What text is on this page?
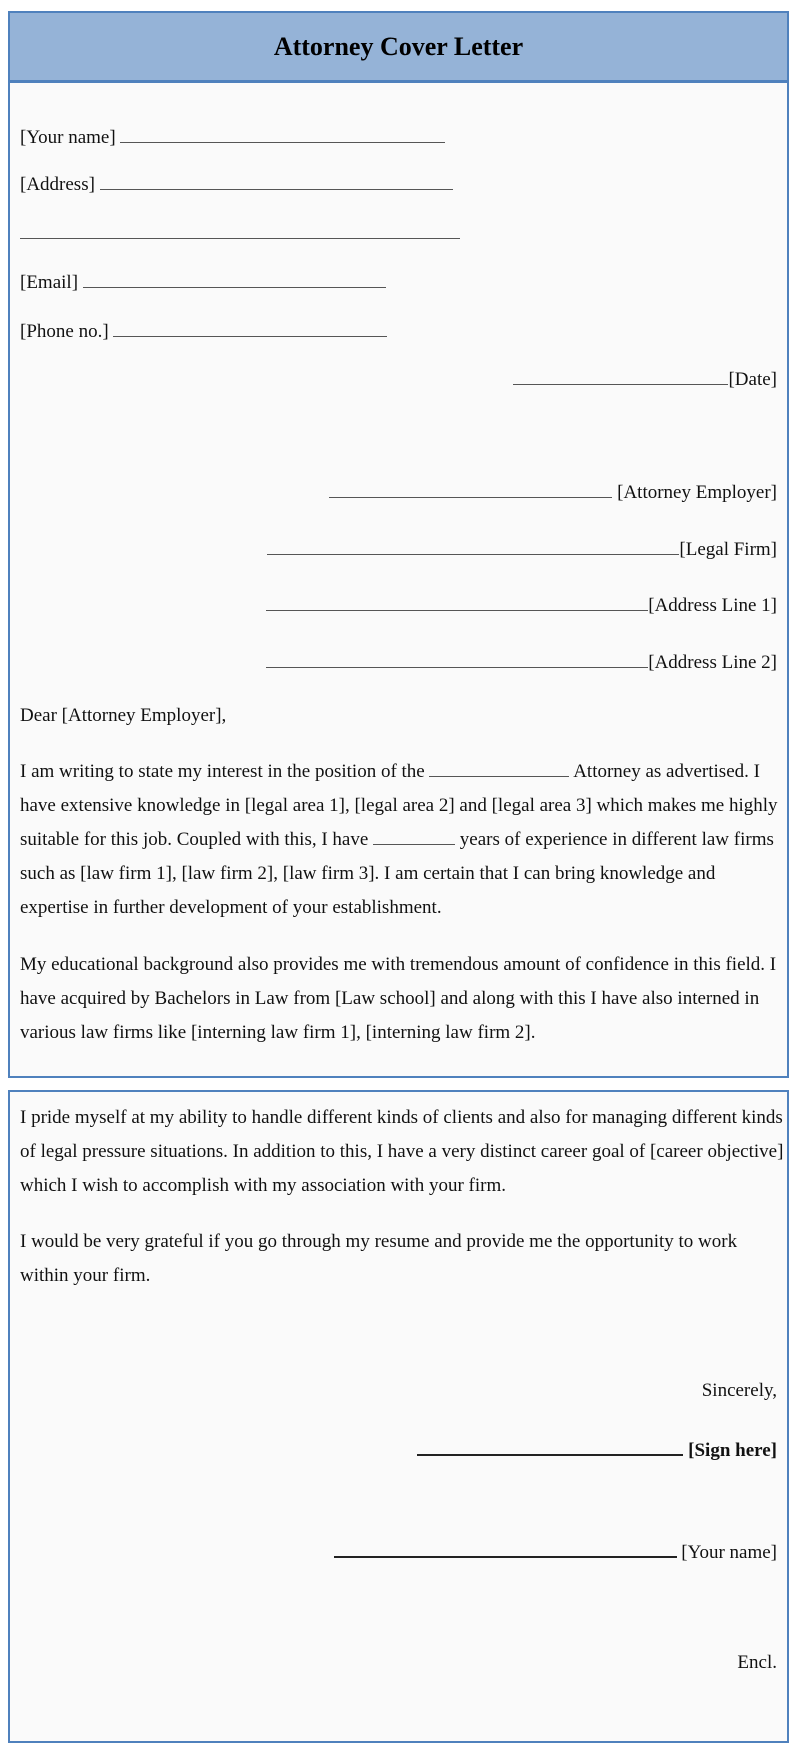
Attorney Cover Letter
[Your name]
[Address]
[Email]
[Phone no.]
[Date]
[Attorney Employer]
[Legal Firm]
[Address Line 1]
[Address Line 2]
Dear [Attorney Employer],
I am writing to state my interest in the position of the	Attorney as advertised. I have extensive knowledge in [legal area 1], [legal area 2] and [legal area 3] which makes me highly suitable for this job. Coupled with this, I have	years of experience in different law firms such as [law firm 1], [law firm 2], [law firm 3]. I am certain that I can bring knowledge and expertise in further development of your establishment.
My educational background also provides me with tremendous amount of confidence in this field. I have acquired by Bachelors in Law from [Law school] and along with this I have also interned in various law firms like [interning law firm 1], [interning law firm 2].
I pride myself at my ability to handle different kinds of clients and also for managing different kinds of legal pressure situations. In addition to this, I have a very distinct career goal of [career objective] which I wish to accomplish with my association with your firm.
I would be very grateful if you go through my resume and provide me the opportunity to work within your firm.
Sincerely,
[Sign here]
[Your name]
Encl.
